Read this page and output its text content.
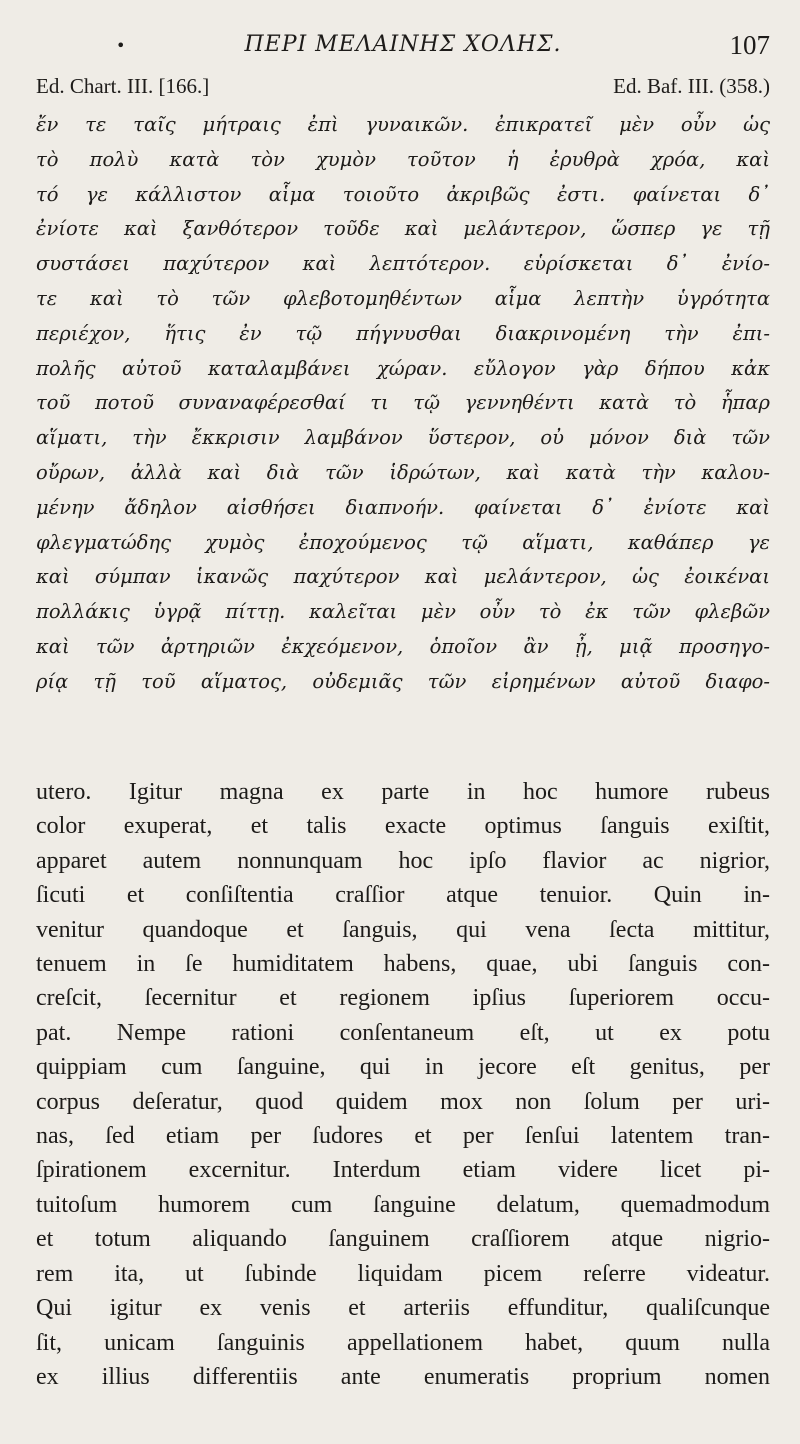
•	ΠΕΡΙ ΜΕΛΑΙΝΗΣ ΧΟΛΗΣ.	107
Ed. Chart. III. [166.]	Ed. Baf. III. (358.)
ἔν τε ταῖς μήτραις ἐπὶ γυναικῶν. ἐπικρατεῖ μὲν οὖν ὡς
τὸ πολὺ κατὰ τὸν χυμὸν τοῦτον ἡ ἐρυθρὰ χρόα, καὶ
τό γε κάλλιστον αἷμα τοιοῦτο ἀκριβῶς ἐστι. φαίνεται δ᾽
ἐνίοτε καὶ ξανθότερον τοῦδε καὶ μελάντερον, ὥσπερ γε τῇ
συστάσει παχύτερον καὶ λεπτότερον. εὑρίσκεται δ᾽ ἐνίο-
τε καὶ τὸ τῶν φλεβοτομηθέντων αἷμα λεπτὴν ὑγρότητα
περιέχον, ἥτις ἐν τῷ πήγνυσθαι διακρινομένη τὴν ἐπι-
πολῆς αὐτοῦ καταλαμβάνει χώραν. εὔλογον γὰρ δήπου κἀκ
τοῦ ποτοῦ συναναφέρεσθαί τι τῷ γεννηθέντι κατὰ τὸ ἧπαρ
αἵματι, τὴν ἔκκρισιν λαμβάνον ὕστερον, οὐ μόνον διὰ τῶν
οὔρων, ἀλλὰ καὶ διὰ τῶν ἱδρώτων, καὶ κατὰ τὴν καλου-
μένην ἄδηλον αἰσθήσει διαπνοήν. φαίνεται δ᾽ ἐνίοτε καὶ
φλεγματώδης χυμὸς ἐποχούμενος τῷ αἵματι, καθάπερ γε
καὶ σύμπαν ἱκανῶς παχύτερον καὶ μελάντερον, ὡς ἐοικέναι
πολλάκις ὑγρᾷ πίττῃ. καλεῖται μὲν οὖν τὸ ἐκ τῶν φλεβῶν
καὶ τῶν ἀρτηριῶν ἐκχεόμενον, ὁποῖον ἂν ᾖ, μιᾷ προσηγο-
ρίᾳ τῇ τοῦ αἵματος, οὐδεμιᾶς τῶν εἰρημένων αὐτοῦ διαφο-
utero. Igitur magna ex parte in hoc humore rubeus
color exuperat, et talis exacte optimus ſanguis exiſtit,
apparet autem nonnunquam hoc ipſo flavior ac nigrior,
ſicuti et conſiſtentia craſſior atque tenuior. Quin in-
venitur quandoque et ſanguis, qui vena ſecta mittitur,
tenuem in ſe humiditatem habens, quae, ubi ſanguis con-
creſcit, ſecernitur et regionem ipſius ſuperiorem occu-
pat. Nempe rationi conſentaneum eſt, ut ex potu
quippiam cum ſanguine, qui in jecore eſt genitus, per
corpus deſeratur, quod quidem mox non ſolum per uri-
nas, ſed etiam per ſudores et per ſenſui latentem tran-
ſpirationem excernitur. Interdum etiam videre licet pi-
tuitoſum humorem cum ſanguine delatum, quemadmodum
et totum aliquando ſanguinem craſſiorem atque nigrio-
rem ita, ut ſubinde liquidam picem reſerre videatur.
Qui igitur ex venis et arteriis effunditur, qualiſcunque
ſit, unicam ſanguinis appellationem habet, quum nulla
ex illius differentiis ante enumeratis proprium nomen
